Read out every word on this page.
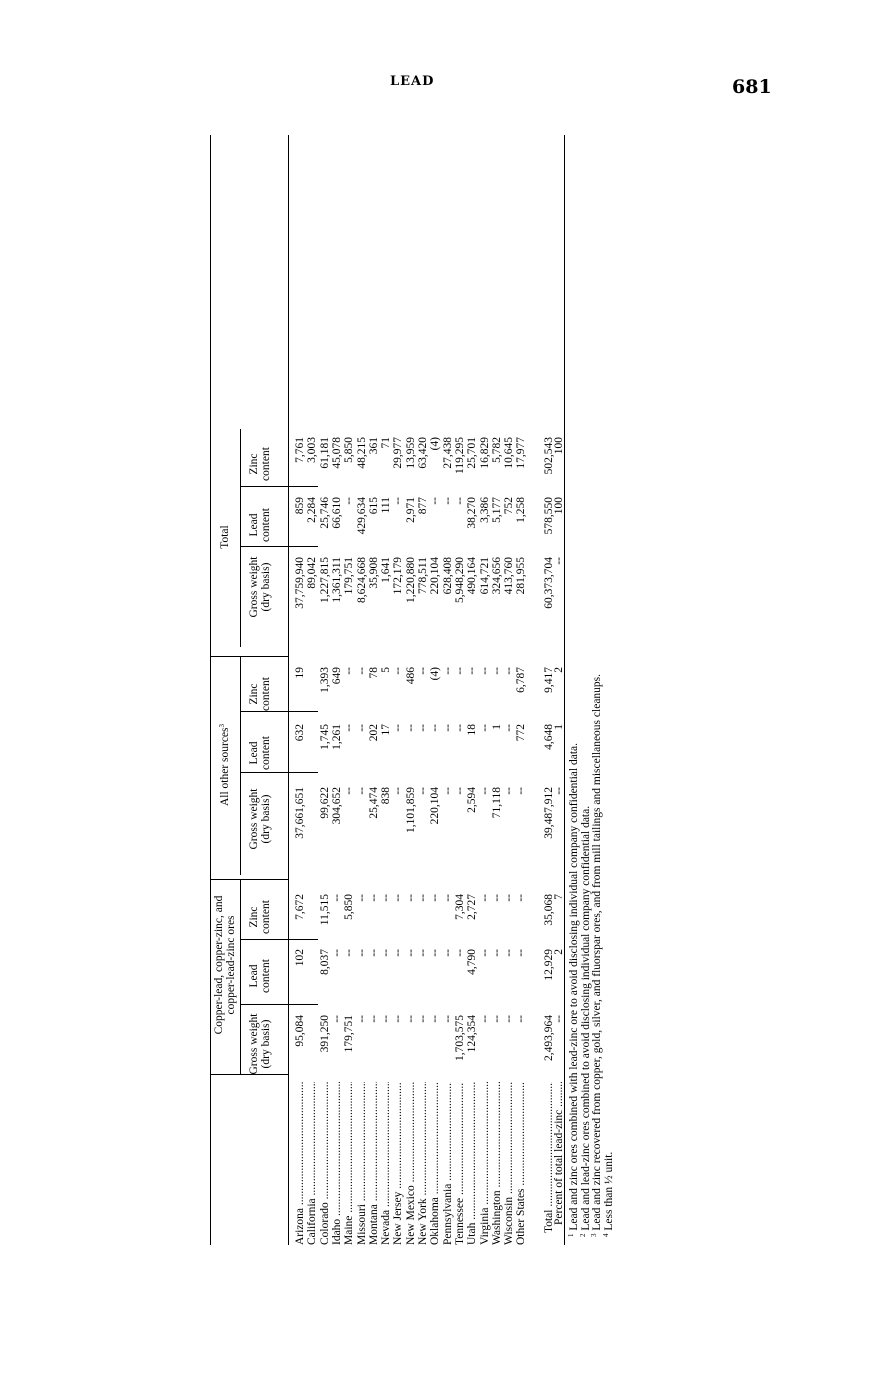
LEAD	681
Copper-lead, copper-zinc, and
copper-lead-zinc ores
All other sources$^3$
Total
Gross weight
(dry basis)
Lead
content
Zinc
content
Gross weight
(dry basis)
Lead
content
Zinc
content
Gross weight
(dry basis)
Lead
content
Zinc
content
Arizona .....
95,084
102
7,672
37,661,651
632
19
37,759,940
859
7,761
California .....
89,042
2,284
3,003
Colorado .....
391,250
8,037
11,515
99,622
1,745
1,393
1,227,815
25,746
61,181
Idaho .....
--
--
--
304,652
1,261
649
1,361,311
66,610
45,078
Maine .....
179,751
--
5,850
--
--
--
179,751
--
5,850
Missouri .....
--
--
--
--
--
--
8,624,668
429,634
48,215
Montana .....
--
--
--
25,474
202
78
35,908
615
361
Nevada .....
--
--
--
838
17
5
1,641
111
71
New Jersey .....
--
--
--
--
--
--
172,179
--
29,977
New Mexico .....
--
--
--
1,101,859
--
486
1,220,880
2,971
13,959
New York .....
--
--
--
--
--
--
778,511
877
63,420
Oklahoma .....
--
--
--
220,104
--
(4)
220,104
--
(4)
Pennsylvania .....
--
--
--
--
--
--
628,408
--
27,438
Tennessee .....
1,703,575
--
7,304
--
--
--
5,948,290
--
119,295
Utah .....
124,354
4,790
2,727
2,594
18
--
490,164
38,270
25,701
Virginia .....
--
--
--
--
--
--
614,721
3,386
16,829
Washington .....
--
--
--
71,118
1
--
324,656
5,177
5,782
Wisconsin .....
--
--
--
--
--
--
413,760
752
10,645
Other States .....
--
--
--
--
772
6,787
281,955
1,258
17,977
Total .....
2,493,964
12,929
35,068
39,487,912
4,648
9,417
60,373,704
578,550
502,543
Percent of total lead-zinc .....
--
2
7
--
1
2
--
100
100
$^1$ Lead and zinc ores combined with lead-zinc ore to avoid disclosing individual company confidential data.
$^2$ Lead and lead-zinc ores combined to avoid disclosing individual company confidential data.
$^3$ Lead and zinc recovered from copper, gold, silver, and fluorspar ores, and from mill tailings and miscellaneous cleanups.
$^4$ Less than ½ unit.
